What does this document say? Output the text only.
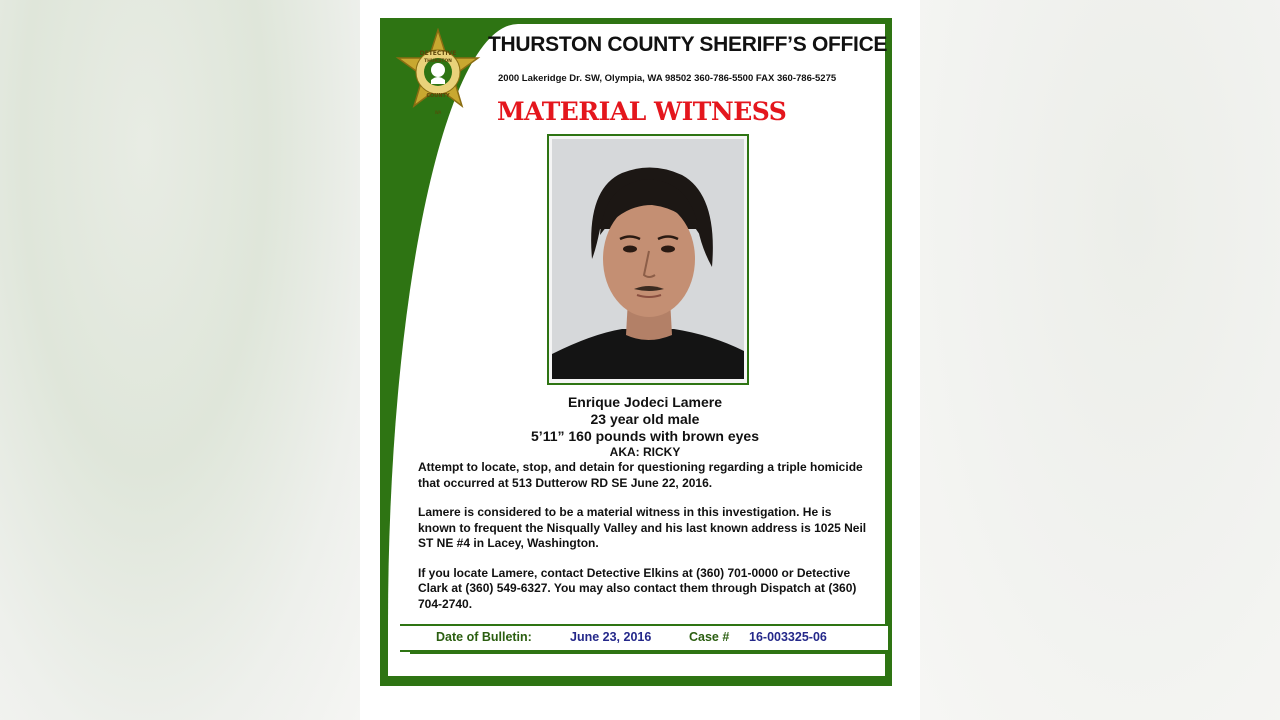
DETECTIVE
THURSTON
COUNTY
WA
THURSTON COUNTY SHERIFF’S OFFICE
2000 Lakeridge Dr. SW, Olympia, WA 98502 360-786-5500 FAX 360-786-5275
MATERIAL WITNESS
Enrique Jodeci Lamere
23 year old male
5’11” 160 pounds with brown eyes
AKA: RICKY

Attempt to locate, stop, and detain for questioning regarding a triple homicide that occurred at 513 Dutterow RD SE June 22, 2016.

Lamere is considered to be a material witness in this investigation. He is known to frequent the Nisqually Valley and his last known address is 1025 Neil ST NE #4 in Lacey, Washington.

If you locate Lamere, contact Detective Elkins at (360) 701-0000 or Detective Clark at (360) 549-6327. You may also contact them through Dispatch at (360) 704-2740.

Date of Bulletin:	June 23, 2016	Case # 16-003325-06
